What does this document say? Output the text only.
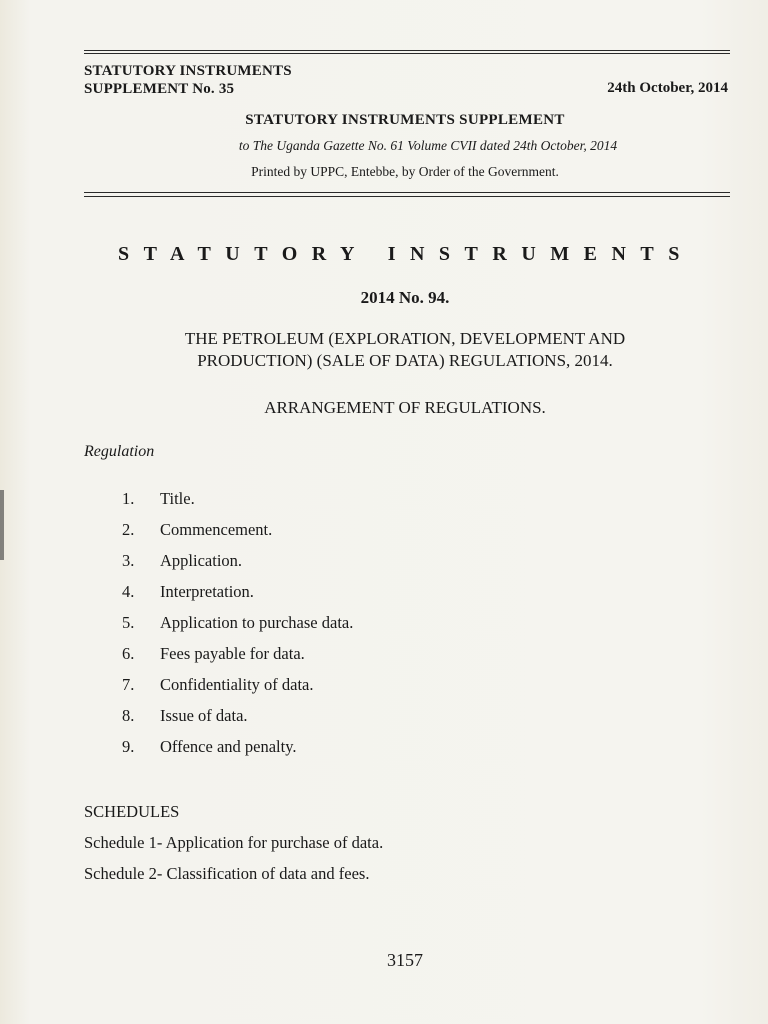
STATUTORY INSTRUMENTS
SUPPLEMENT No. 35	24th October, 2014
STATUTORY INSTRUMENTS SUPPLEMENT
to The Uganda Gazette No. 61 Volume CVII dated 24th October, 2014
Printed by UPPC, Entebbe, by Order of the Government.
STATUTORY INSTRUMENTS
2014 No. 94.
THE PETROLEUM (EXPLORATION, DEVELOPMENT AND
PRODUCTION) (SALE OF DATA) REGULATIONS, 2014.
ARRANGEMENT OF REGULATIONS.
Regulation
1. Title.
2. Commencement.
3. Application.
4. Interpretation.
5. Application to purchase data.
6. Fees payable for data.
7. Confidentiality of data.
8. Issue of data.
9. Offence and penalty.
SCHEDULES
Schedule 1- Application for purchase of data.
Schedule 2- Classification of data and fees.
3157
